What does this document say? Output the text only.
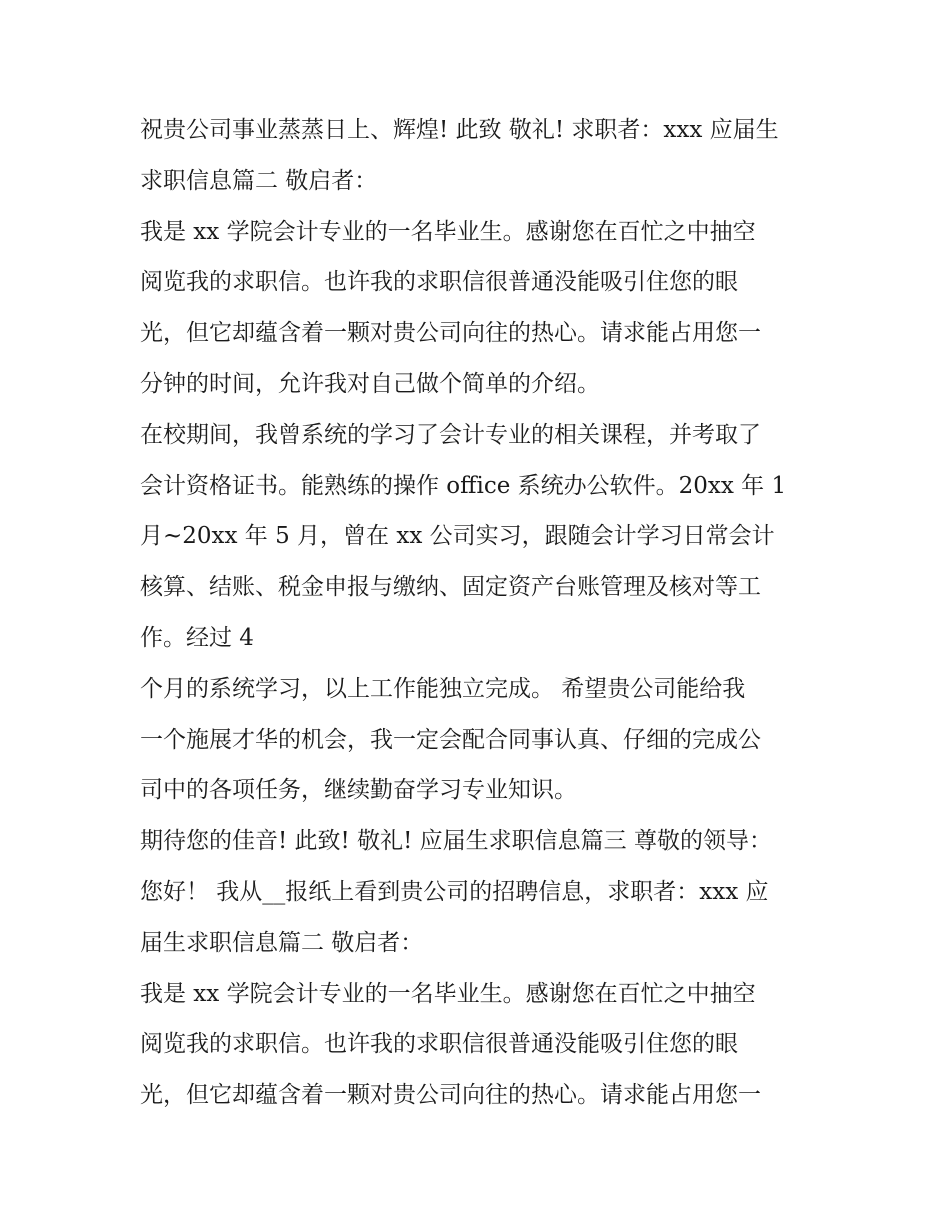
祝贵公司事业蒸蒸日上、辉煌! 此致 敬礼! 求职者：xxx 应届生
求职信息篇二 敬启者：
我是 xx 学院会计专业的一名毕业生。感谢您在百忙之中抽空
阅览我的求职信。也许我的求职信很普通没能吸引住您的眼
光，但它却蕴含着一颗对贵公司向往的热心。请求能占用您一
分钟的时间，允许我对自己做个简单的介绍。
在校期间，我曾系统的学习了会计专业的相关课程，并考取了
会计资格证书。能熟练的操作 office 系统办公软件。20xx 年 1
月~20xx 年 5 月，曾在 xx 公司实习，跟随会计学习日常会计
核算、结账、税金申报与缴纳、固定资产台账管理及核对等工
作。经过 4
个月的系统学习，以上工作能独立完成。 希望贵公司能给我
一个施展才华的机会，我一定会配合同事认真、仔细的完成公
司中的各项任务，继续勤奋学习专业知识。
期待您的佳音! 此致! 敬礼! 应届生求职信息篇三 尊敬的领导：
您好！ 我从__报纸上看到贵公司的招聘信息，求职者：xxx 应
届生求职信息篇二 敬启者：
我是 xx 学院会计专业的一名毕业生。感谢您在百忙之中抽空
阅览我的求职信。也许我的求职信很普通没能吸引住您的眼
光，但它却蕴含着一颗对贵公司向往的热心。请求能占用您一
